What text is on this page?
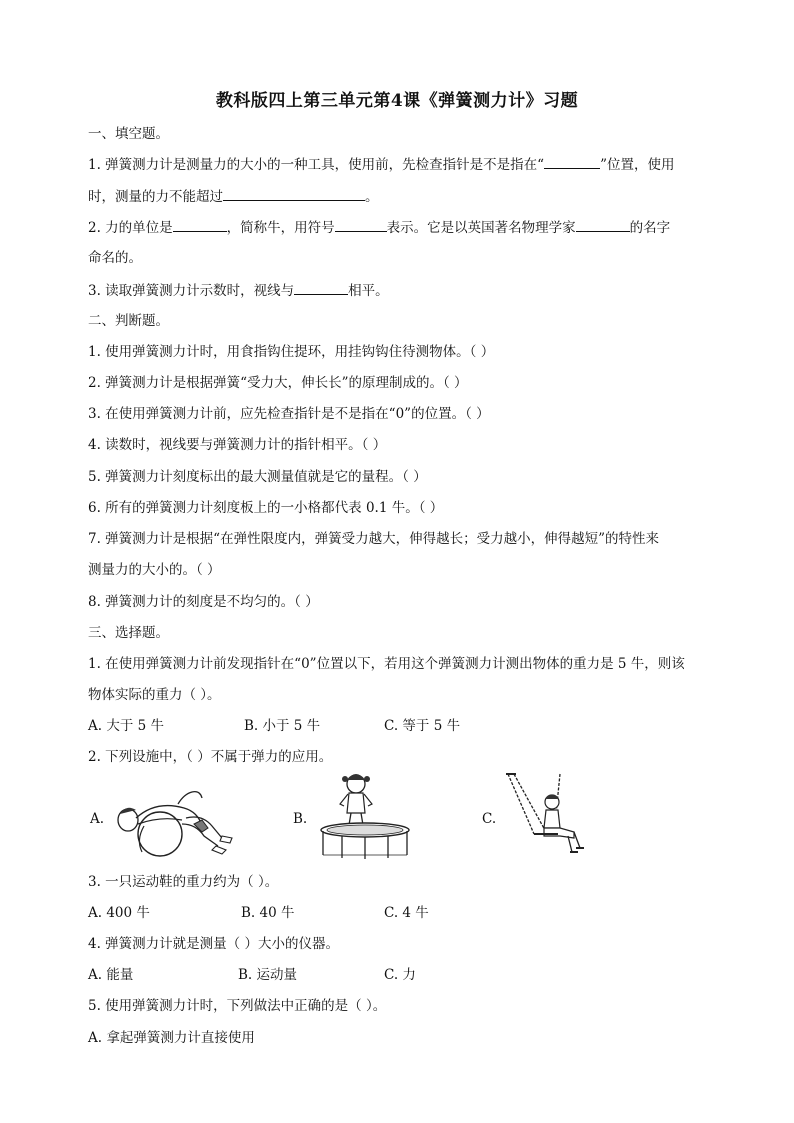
教科版四上第三单元第4课《弹簧测力计》习题
一、填空题。
1. 弹簧测力计是测量力的大小的一种工具，使用前，先检查指针是不是指在“	”位置，使用
时，测量的力不能超过	。
2. 力的单位是	，简称牛，用符号	表示。它是以英国著名物理学家	的名字
命名的。
3. 读取弹簧测力计示数时，视线与	相平。
二、判断题。
1. 使用弹簧测力计时，用食指钩住提环，用挂钩钩住待测物体。（ ）
2. 弹簧测力计是根据弹簧“受力大，伸长长”的原理制成的。（ ）
3. 在使用弹簧测力计前，应先检查指针是不是指在“0”的位置。（ ）
4. 读数时，视线要与弹簧测力计的指针相平。（ ）
5. 弹簧测力计刻度标出的最大测量值就是它的量程。（ ）
6. 所有的弹簧测力计刻度板上的一小格都代表 0.1 牛。（ ）
7. 弹簧测力计是根据“在弹性限度内，弹簧受力越大，伸得越长；受力越小，伸得越短”的特性来
测量力的大小的。（ ）
8. 弹簧测力计的刻度是不均匀的。（ ）
三、选择题。
1. 在使用弹簧测力计前发现指针在“0”位置以下，若用这个弹簧测力计测出物体的重力是 5 牛，则该
物体实际的重力（ ）。
A. 大于 5 牛	B. 小于 5 牛	C. 等于 5 牛
2. 下列设施中，（ ）不属于弹力的应用。
A.	B.	C.
3. 一只运动鞋的重力约为（ ）。
A. 400 牛	B. 40 牛	C. 4 牛
4. 弹簧测力计就是测量（ ）大小的仪器。
A. 能量	B. 运动量	C. 力
5. 使用弹簧测力计时，下列做法中正确的是（ ）。
A. 拿起弹簧测力计直接使用
